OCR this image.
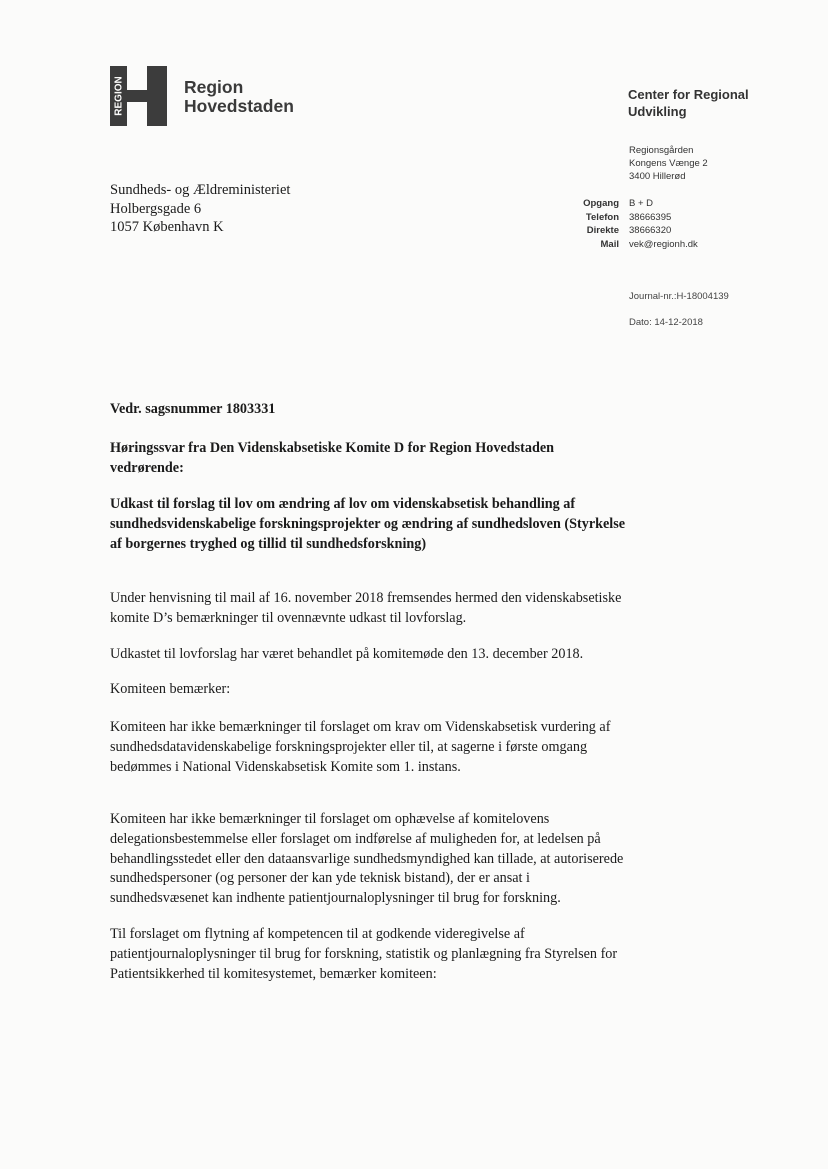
REGION	Region
Hovedstaden
Center for Regional
Udvikling
Regionsgården
Kongens Vænge 2
3400 Hillerød
Opgang	B + D
Telefon	38666395
Direkte	38666320
Mail	vek@regionh.dk
Journal-nr.:H-18004139
Dato: 14-12-2018
Sundheds- og Ældreministeriet
Holbergsgade 6
1057 København K

Vedr. sagsnummer 1803331

Høringssvar fra Den Videnskabsetiske Komite D for Region Hovedstaden vedrørende:

Udkast til forslag til lov om ændring af lov om videnskabsetisk behandling af sundhedsvidenskabelige forskningsprojekter og ændring af sundhedsloven (Styrkelse af borgernes tryghed og tillid til sundhedsforskning)

Under henvisning til mail af 16. november 2018 fremsendes hermed den videnskabsetiske komite D’s bemærkninger til ovennævnte udkast til lovforslag.

Udkastet til lovforslag har været behandlet på komitemøde den 13. december 2018.

Komiteen bemærker:

Komiteen har ikke bemærkninger til forslaget om krav om Videnskabsetisk vurdering af sundhedsdatavidenskabelige forskningsprojekter eller til, at sagerne i første omgang bedømmes i National Videnskabsetisk Komite som 1. instans.

Komiteen har ikke bemærkninger til forslaget om ophævelse af komitelovens delegationsbestemmelse eller forslaget om indførelse af muligheden for, at ledelsen på behandlingsstedet eller den dataansvarlige sundhedsmyndighed kan tillade, at autoriserede sundhedspersoner (og personer der kan yde teknisk bistand), der er ansat i sundhedsvæsenet kan indhente patientjournaloplysninger til brug for forskning.

Til forslaget om flytning af kompetencen til at godkende videregivelse af patientjournaloplysninger til brug for forskning, statistik og planlægning fra Styrelsen for Patientsikkerhed til komitesystemet, bemærker komiteen:
